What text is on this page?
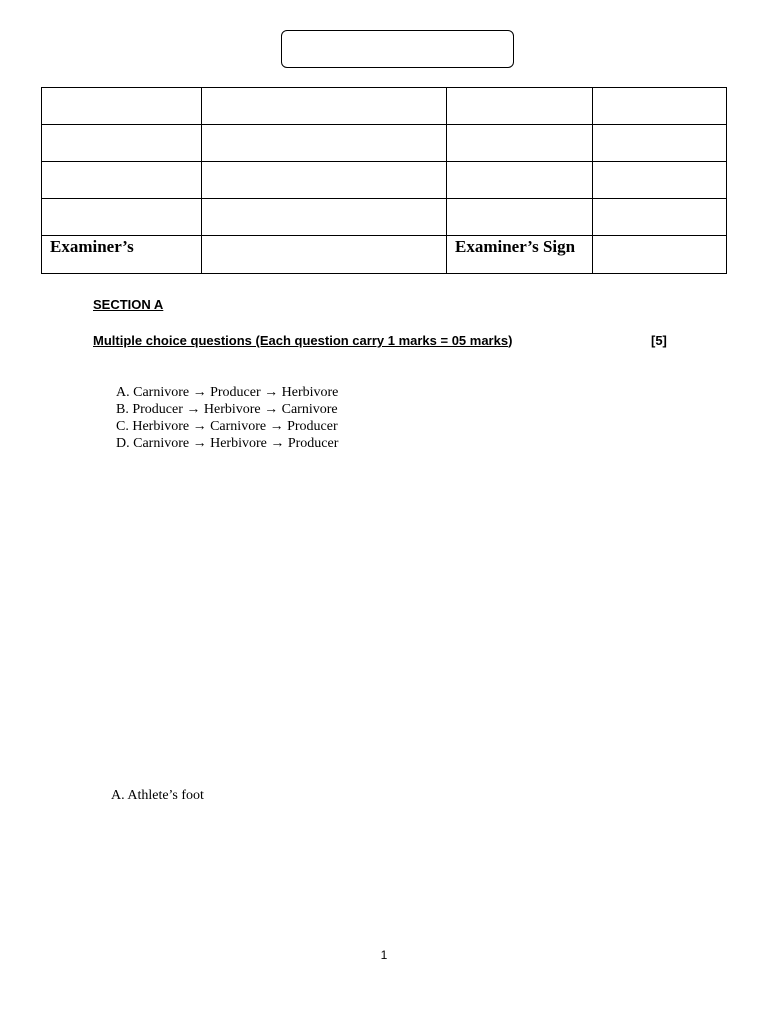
Examiner’s		Examiner’s Sign	
SECTION A
Multiple choice questions (Each question carry 1 marks = 05 marks)	[5]
A. Carnivore → Producer → Herbivore
B. Producer → Herbivore → Carnivore
C. Herbivore → Carnivore → Producer
D. Carnivore → Herbivore → Producer
A. Athlete’s foot
1
